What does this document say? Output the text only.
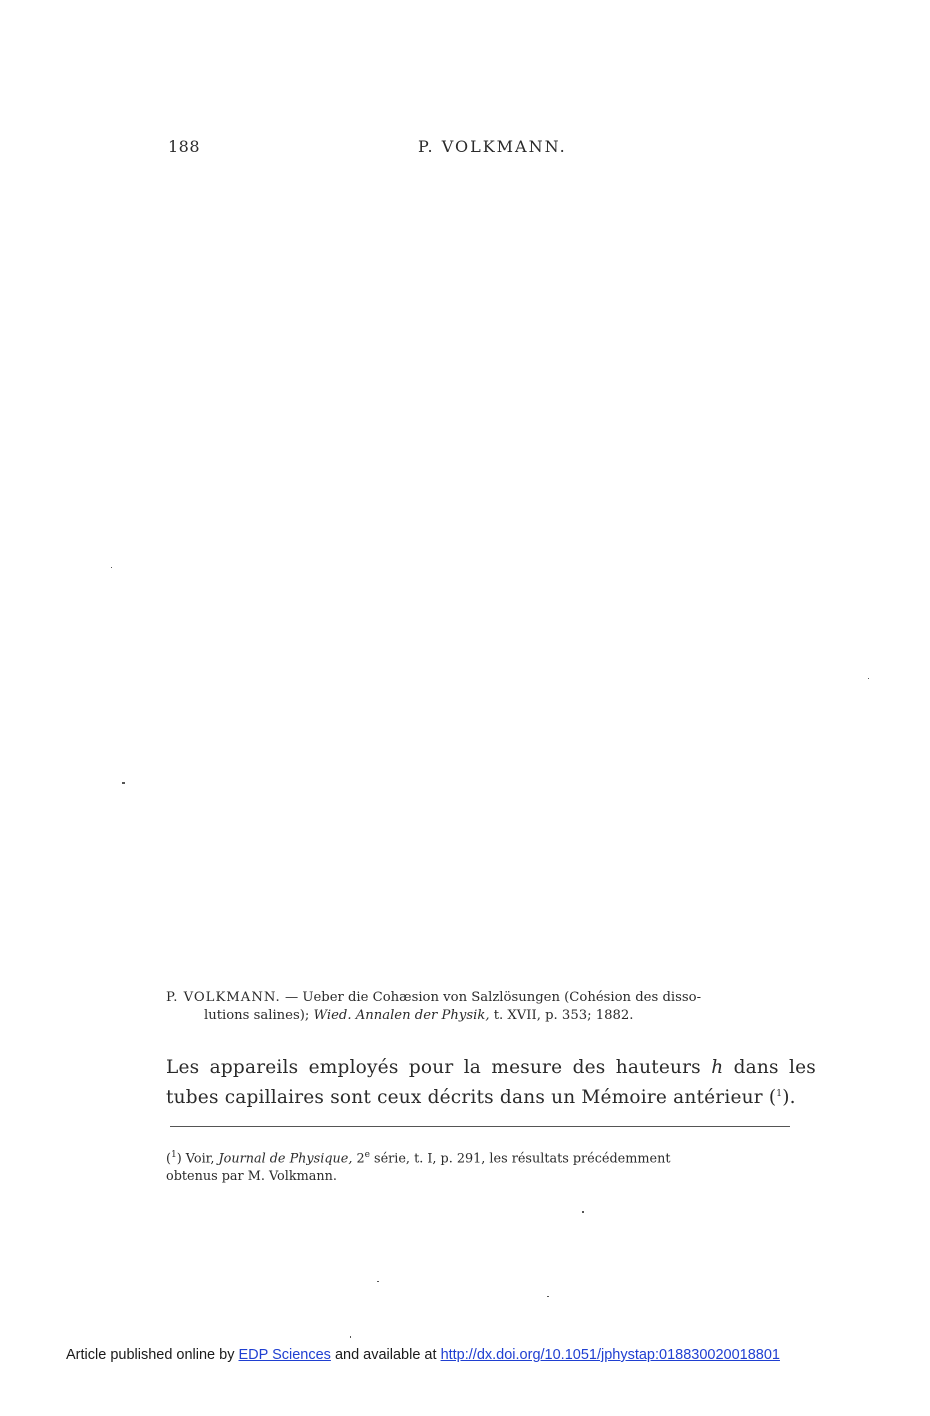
188	P. VOLKMANN.
P. VOLKMANN. — Ueber die Cohæsion von Salzlösungen (Cohésion des disso-
lutions salines); Wied. Annalen der Physik, t. XVII, p. 353; 1882.
Les appareils employés pour la mesure des hauteurs h dans les tubes capillaires sont ceux décrits dans un Mémoire antérieur ($^1$).
($^1$) Voir, Journal de Physique, 2e série, t. I, p. 291, les résultats précédemment
obtenus par M. Volkmann.
Article published online by EDP Sciences and available at http://dx.doi.org/10.1051/jphystap:018830020018801
